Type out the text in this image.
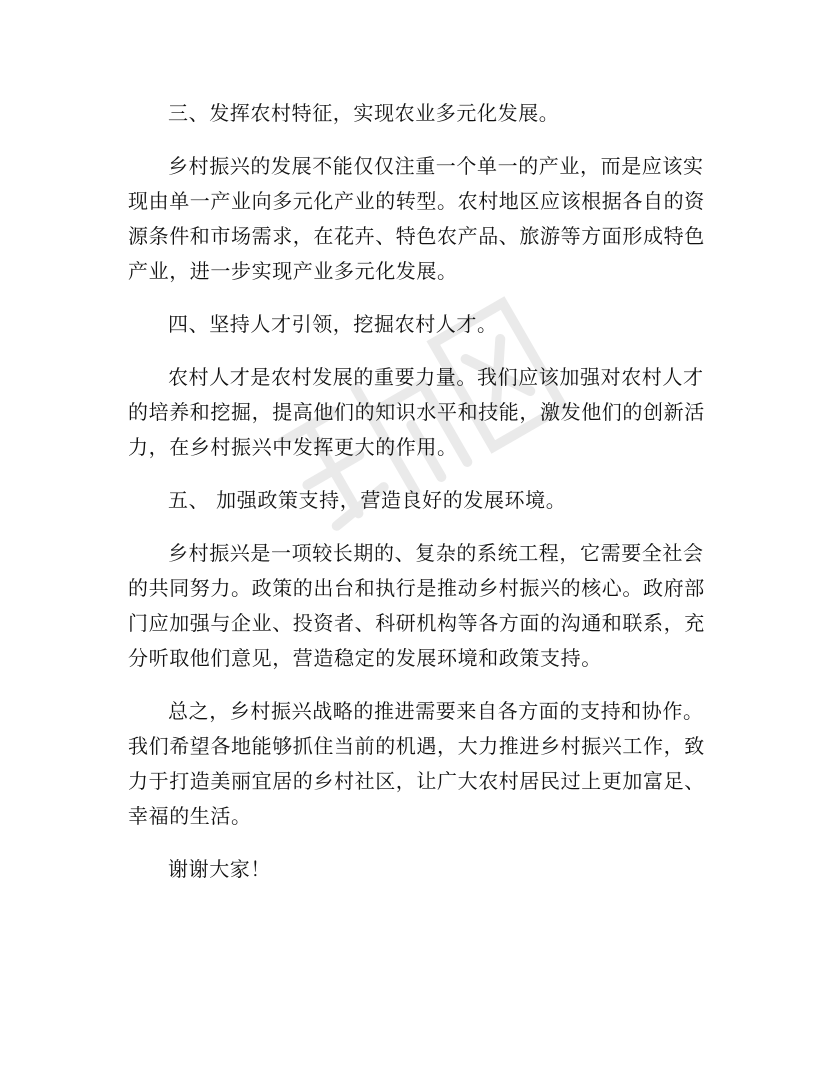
三、发挥农村特征，实现农业多元化发展。

乡村振兴的发展不能仅仅注重一个单一的产业，而是应该实现由单一产业向多元化产业的转型。农村地区应该根据各自的资源条件和市场需求，在花卉、特色农产品、旅游等方面形成特色产业，进一步实现产业多元化发展。

四、坚持人才引领，挖掘农村人才。

农村人才是农村发展的重要力量。我们应该加强对农村人才的培养和挖掘，提高他们的知识水平和技能，激发他们的创新活力，在乡村振兴中发挥更大的作用。

五、 加强政策支持，营造良好的发展环境。

乡村振兴是一项较长期的、复杂的系统工程，它需要全社会的共同努力。政策的出台和执行是推动乡村振兴的核心。政府部门应加强与企业、投资者、科研机构等各方面的沟通和联系，充分听取他们意见，营造稳定的发展环境和政策支持。

总之，乡村振兴战略的推进需要来自各方面的支持和协作。我们希望各地能够抓住当前的机遇，大力推进乡村振兴工作，致力于打造美丽宜居的乡村社区，让广大农村居民过上更加富足、幸福的生活。

谢谢大家！
